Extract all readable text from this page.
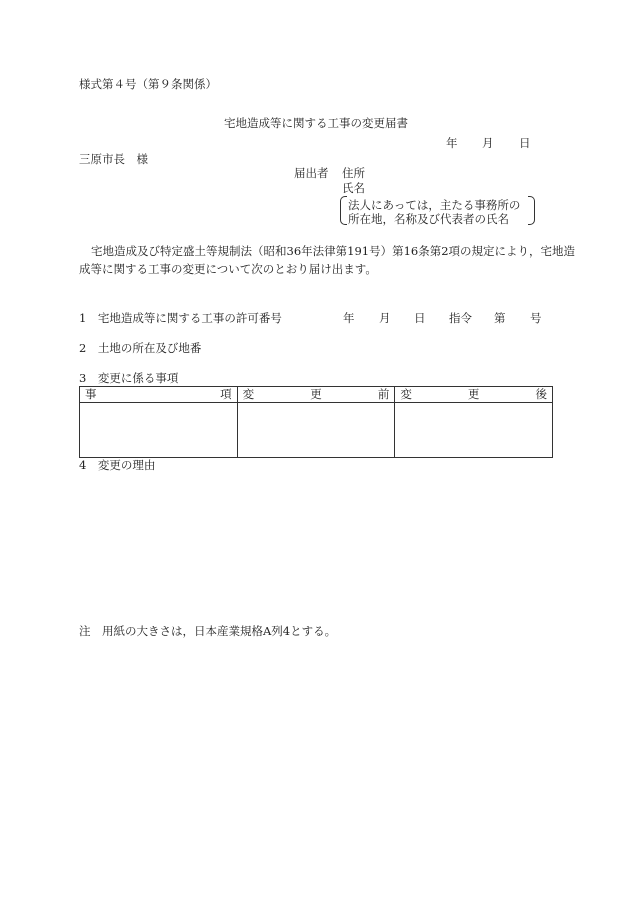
様式第４号（第９条関係）
宅地造成等に関する工事の変更届書
年 月 日
三原市長　様
届出者 住所
氏名
法人にあっては，主たる事務所の
所在地，名称及び代表者の氏名
宅地造成及び特定盛土等規制法（昭和36年法律第191号）第16条第2項の規定により，宅地造
成等に関する工事の変更について次のとおり届け出ます。
1　宅地造成等に関する工事の許可番号	年 月 日 指令 第 号
2　土地の所在及び地番
3　変更に係る事項
事 項	変 更 前	変 更 後

4　変更の理由
注　用紙の大きさは，日本産業規格A列4とする。
